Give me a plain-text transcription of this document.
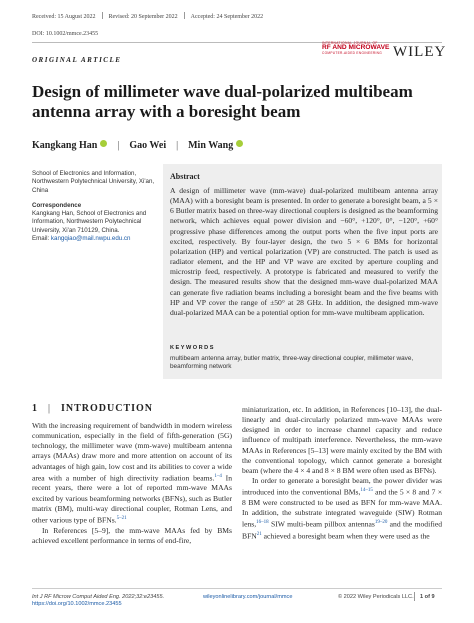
Received: 15 August 2022 Revised: 20 September 2022 Accepted: 24 September 2022
DOI: 10.1002/mmce.23455
INTERNATIONAL JOURNAL OF
RF AND MICROWAVE
COMPUTER-AIDED ENGINEERING WILEY
ORIGINAL ARTICLE
Design of millimeter wave dual-polarized multibeam antenna array with a boresight beam
Kangkang Han | Gao Wei | Min Wang

School of Electronics and Information, Northwestern Polytechnical University, Xi'an, China

Correspondence

Kangkang Han, School of Electronics and Information, Northwestern Polytechnical University, Xi'an 710129, China.

Email: kangqiao@mail.nwpu.edu.cn

Abstract
A design of millimeter wave (mm-wave) dual-polarized multibeam antenna array (MAA) with a boresight beam is presented. In order to generate a boresight beam, a 5 × 6 Butler matrix based on three-way directional couplers is designed as the beamforming network, which achieves equal power division and −60°, +120°, 0°, −120°, +60° progressive phase differences among the output ports when the five input ports are excited, respectively. By four-layer design, the two 5 × 6 BMs for horizontal polarization (HP) and vertical polarization (VP) are constructed. The patch is used as radiator element, and the HP and VP wave are excited by aperture coupling and microstrip feed, respectively. A prototype is fabricated and measured to verify the design. The measured results show that the designed mm-wave dual-polarized MAA can generate five radiation beams including a boresight beam and the five beams with HP and VP cover the range of ±50° at 28 GHz. In addition, the designed mm-wave dual-polarized MAA can be a potential option for mm-wave multibeam application.
KEYWORDS
multibeam antenna array, butler matrix, three-way directional coupler, millimeter wave, beamforming network
1 | INTRODUCTION

With the increasing requirement of bandwidth in modern wireless communication, especially in the field of fifth-generation (5G) technology, the millimeter wave (mm-wave) multibeam antenna arrays (MAAs) draw more and more attention on account of its advantages of high gain, low cost and its abilities to cover a wide area with a number of high directivity radiation beams.$^{1-4}$ In recent years, there were a lot of reported mm-wave MAAs excited by various beamforming networks (BFNs), such as Butler matrix (BM), multi-way directional coupler, Rotman Lens, and other various type of BFNs.$^{5-21}$

In References [5–9], the mm-wave MAAs fed by BMs achieved excellent performance in terms of end-fire,

miniaturization, etc. In addition, in References [10–13], the dual-linearly and dual-circularly polarized mm-wave MAAs were designed in order to increase channel capacity and reduce influence of multipath interference. Nevertheless, the mm-wave MAAs in References [5–13] were mainly excited by the BM with the conventional topology, which cannot generate a boresight beam (where the 4 × 4 and 8 × 8 BM were often used as BFNs).

In order to generate a boresight beam, the power divider was introduced into the conventional BMs,$^{14-15}$ and the 5 × 8 and 7 × 8 BM were constructed to be used as BFN for mm-wave MAA. In addition, the substrate integrated waveguide (SIW) Rotman lens,$^{16-18}$ SIW multi-beam pillbox antennas$^{19-20}$ and the modified BFN$^{21}$ achieved a boresight beam when they were used as the

Int J RF Microw Comput Aided Eng. 2022;32:e23455.
https://doi.org/10.1002/mmce.23455
wileyonlinelibrary.com/journal/mmce	© 2022 Wiley Periodicals LLC. 1 of 9
